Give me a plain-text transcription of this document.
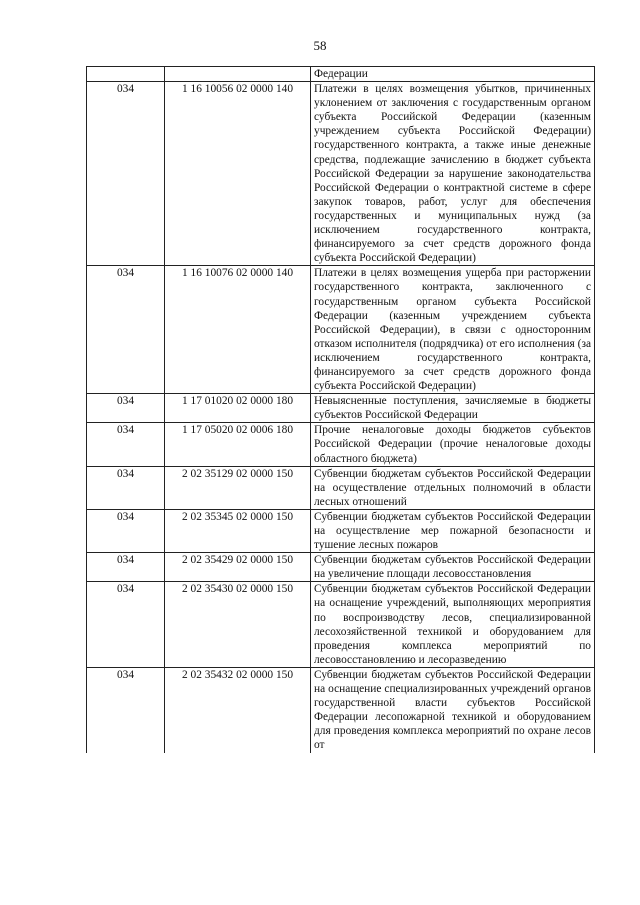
58
		Федерации
034	1 16 10056 02 0000 140	Платежи в целях возмещения убытков, причиненных уклонением от заключения с государственным органом субъекта Российской Федерации (казенным учреждением субъекта Российской Федерации) государственного контракта, а также иные денежные средства, подлежащие зачислению в бюджет субъекта Российской Федерации за нарушение законодательства Российской Федерации о контрактной системе в сфере закупок товаров, работ, услуг для обеспечения государственных и муниципальных нужд (за исключением государственного контракта, финансируемого за счет средств дорожного фонда субъекта Российской Федерации)
034	1 16 10076 02 0000 140	Платежи в целях возмещения ущерба при расторжении государственного контракта, заключенного с государственным органом субъекта Российской Федерации (казенным учреждением субъекта Российской Федерации), в связи с односторонним отказом исполнителя (подрядчика) от его исполнения (за исключением государственного контракта, финансируемого за счет средств дорожного фонда субъекта Российской Федерации)
034	1 17 01020 02 0000 180	Невыясненные поступления, зачисляемые в бюджеты субъектов Российской Федерации
034	1 17 05020 02 0006 180	Прочие неналоговые доходы бюджетов субъектов Российской Федерации (прочие неналоговые доходы областного бюджета)
034	2 02 35129 02 0000 150	Субвенции бюджетам субъектов Российской Федерации на осуществление отдельных полномочий в области лесных отношений
034	2 02 35345 02 0000 150	Субвенции бюджетам субъектов Российской Федерации на осуществление мер пожарной безопасности и тушение лесных пожаров
034	2 02 35429 02 0000 150	Субвенции бюджетам субъектов Российской Федерации на увеличение площади лесовосстановления
034	2 02 35430 02 0000 150	Субвенции бюджетам субъектов Российской Федерации на оснащение учреждений, выполняющих мероприятия по воспроизводству лесов, специализированной лесохозяйственной техникой и оборудованием для проведения комплекса мероприятий по лесовосстановлению и лесоразведению
034	2 02 35432 02 0000 150	Субвенции бюджетам субъектов Российской Федерации на оснащение специализированных учреждений органов государственной власти субъектов Российской Федерации лесопожарной техникой и оборудованием для проведения комплекса мероприятий по охране лесов от
